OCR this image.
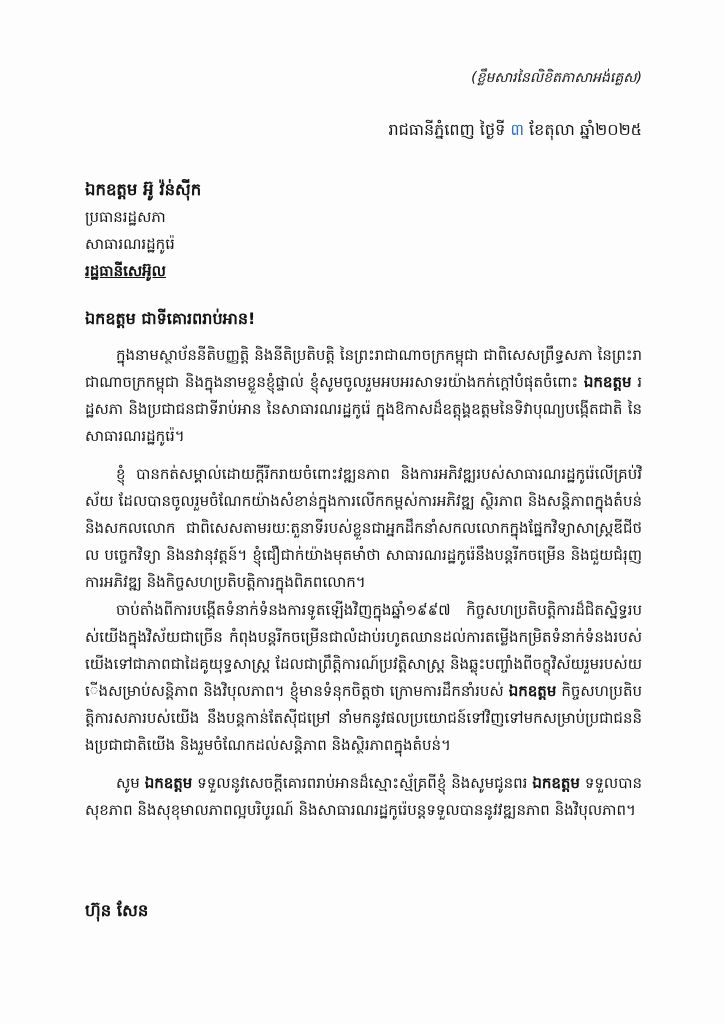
(ខ្លឹមសារនៃលិខិតភាសាអង់គ្លេស)
រាជធានីភ្នំពេញ ថ្ងៃទី ៣ ខែតុលា ឆ្នាំ២០២៥
ឯកឧត្តម អ៊ូ វ៉ន់ស៊ីក
ប្រធានរដ្ឋសភា
សាធារណរដ្ឋកូរ៉េ
រដ្ឋធានីសេអ៊ូល
ឯកឧត្តម ជាទីគោរពរាប់អាន!
ក្នុងនាមស្ថាប័ននីតិបញ្ញត្តិ និងនីតិប្រតិបត្តិ នៃព្រះរាជាណាចក្រកម្ពុជា ជាពិសេសព្រឹទ្ធសភា នៃព្រះរាជាណាចក្រកម្ពុជា និងក្នុងនាមខ្លួនខ្ញុំផ្ទាល់ ខ្ញុំសូមចូលរួមអបអរសាទរយ៉ាងកក់ក្តៅបំផុតចំពោះ ឯកឧត្តម រដ្ឋសភា និងប្រជាជនជាទីរាប់អាន នៃសាធារណរដ្ឋកូរ៉េ ក្នុងឱកាសដ៏ឧត្តុង្គឧត្តមនៃទិវាបុណ្យបង្កើតជាតិ នៃសាធារណរដ្ឋកូរ៉េ។
ខ្ញុំ បានកត់សម្គាល់ដោយក្តីរីករាយចំពោះវឌ្ឍនភាព និងការអភិវឌ្ឍរបស់សាធារណរដ្ឋកូរ៉េលើគ្រប់វិស័យ ដែលបានចូលរួមចំណែកយ៉ាងសំខាន់ក្នុងការលើកកម្ពស់ការអភិវឌ្ឍ ស្ថិរភាព និងសន្តិភាពក្នុងតំបន់ និងសកលលោក ជាពិសេសតាមរយៈតួនាទីរបស់ខ្លួនជាអ្នកដឹកនាំសកលលោកក្នុងផ្នែកវិទ្យាសាស្ត្រឌីជីថល បច្ចេកវិទ្យា និងនវានុវត្តន៍។ ខ្ញុំជឿជាក់យ៉ាងមុតមាំថា សាធារណរដ្ឋកូរ៉េនឹងបន្តរីកចម្រើន និងជួយជំរុញការអភិវឌ្ឍ និងកិច្ចសហប្រតិបត្តិការក្នុងពិភពលោក។
ចាប់តាំងពីការបង្កើតទំនាក់ទំនងការទូតឡើងវិញក្នុងឆ្នាំ១៩៩៧ កិច្ចសហប្រតិបត្តិការដ៏ជិតស្និទ្ធរបស់យើងក្នុងវិស័យជាច្រើន កំពុងបន្តរីកចម្រើនជាលំដាប់រហូតឈានដល់ការតម្លើងកម្រិតទំនាក់ទំនងរបស់យើងទៅជាភាពជាដៃគូយុទ្ធសាស្ត្រ ដែលជាព្រឹត្តិការណ៍ប្រវត្តិសាស្ត្រ និងឆ្លុះបញ្ចាំងពីចក្ខុវិស័យរួមរបស់យើងសម្រាប់សន្តិភាព និងវិបុលភាព។ ខ្ញុំមានទំនុកចិត្តថា ក្រោមការដឹកនាំរបស់ ឯកឧត្តម កិច្ចសហប្រតិបត្តិការសភារបស់យើង នឹងបន្តកាន់តែស៊ីជម្រៅ នាំមកនូវផលប្រយោជន៍ទៅវិញទៅមកសម្រាប់ប្រជាជននិងប្រជាជាតិយើង និងរួមចំណែកដល់សន្តិភាព និងស្ថិរភាពក្នុងតំបន់។
សូម ឯកឧត្តម ទទួលនូវសេចក្តីគោរពរាប់អានដ៏ស្មោះស្ម័គ្រពីខ្ញុំ និងសូមជូនពរ ឯកឧត្តម ទទួលបានសុខភាព និងសុខុមាលភាពល្អបរិបូរណ៍ និងសាធារណរដ្ឋកូរ៉េបន្តទទួលបាននូវវឌ្ឍនភាព និងវិបុលភាព។
ហ៊ុន សែន
